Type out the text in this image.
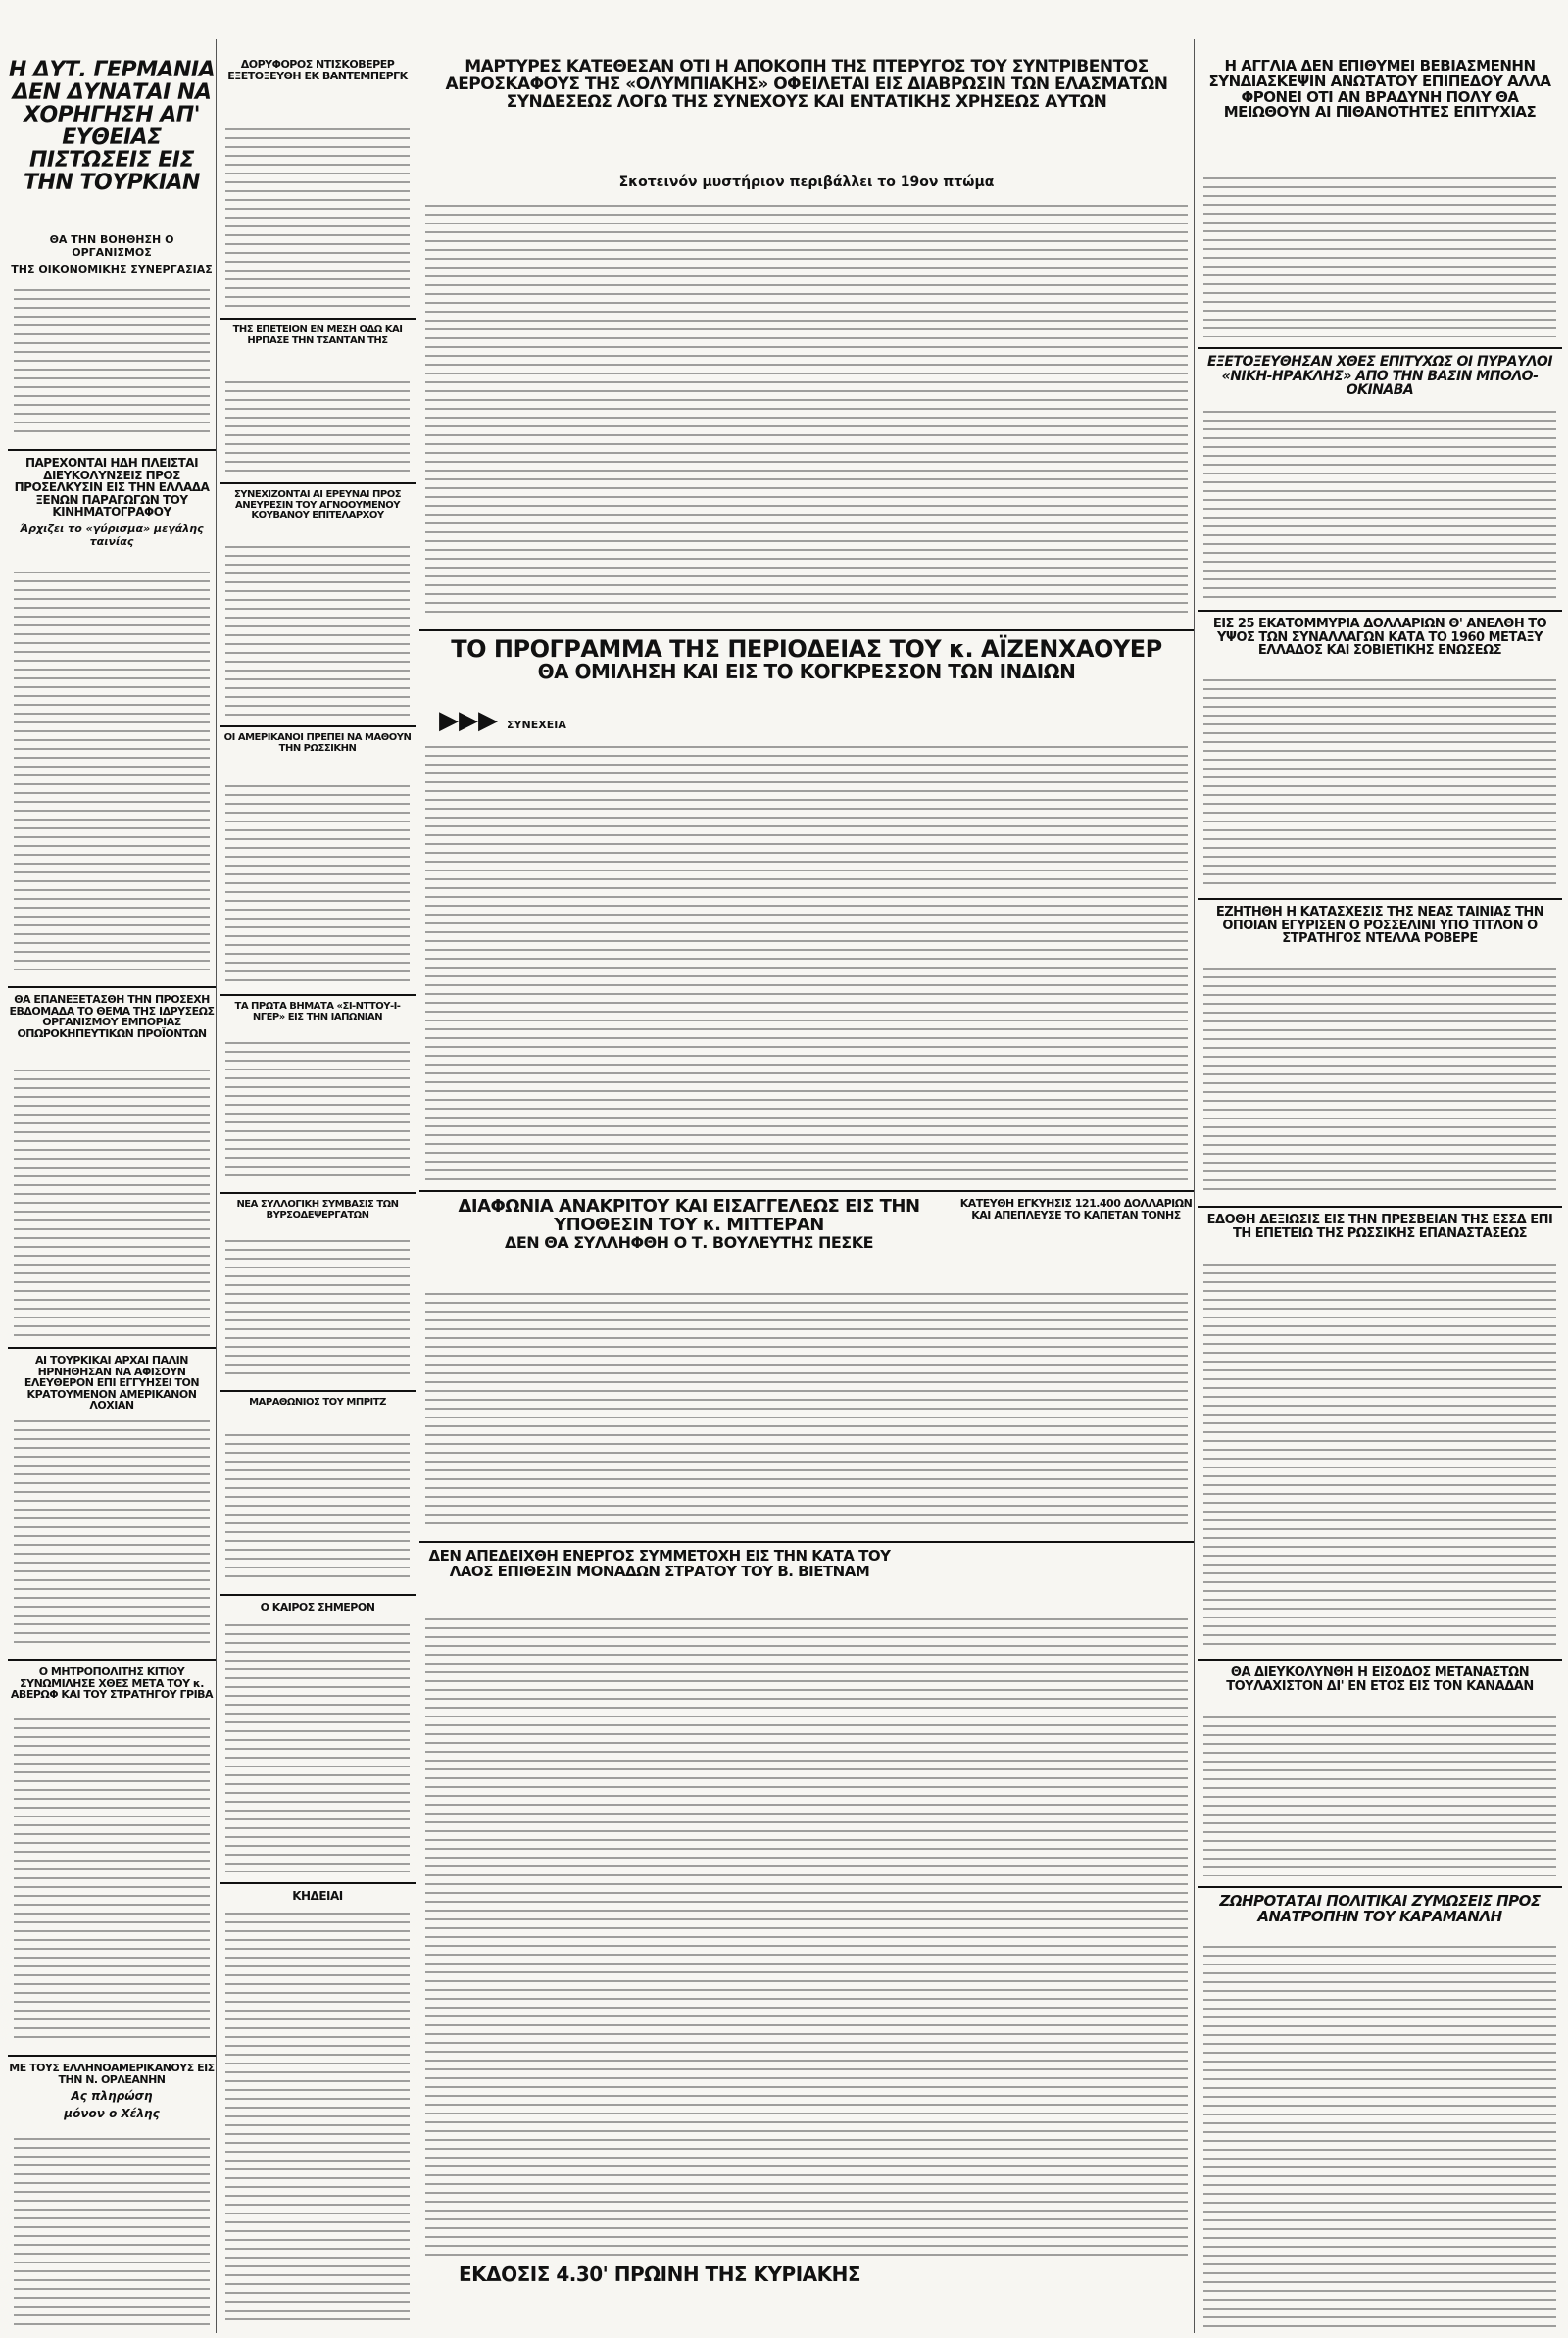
Η ΔΥΤ. ΓΕΡΜΑΝΙΑ ΔΕΝ ΔΥΝΑΤΑΙ ΝΑ ΧΟΡΗΓΗΣΗ ΑΠ' ΕΥΘΕΙΑΣ ΠΙΣΤΩΣΕΙΣ ΕΙΣ ΤΗΝ ΤΟΥΡΚΙΑΝ
ΘΑ ΤΗΝ ΒΟΗΘΗΣΗ Ο ΟΡΓΑΝΙΣΜΟΣ
ΤΗΣ ΟΙΚΟΝΟΜΙΚΗΣ ΣΥΝΕΡΓΑΣΙΑΣ
ΠΑΡΕΧΟΝΤΑΙ ΗΔΗ ΠΛΕΙΣΤΑΙ ΔΙΕΥΚΟΛΥΝΣΕΙΣ ΠΡΟΣ ΠΡΟΣΕΛΚΥΣΙΝ ΕΙΣ ΤΗΝ ΕΛΛΑΔΑ ΞΕΝΩΝ ΠΑΡΑΓΩΓΩΝ ΤΟΥ ΚΙΝΗΜΑΤΟΓΡΑΦΟΥ
Άρχιζει το «γύρισμα» μεγάλης ταινίας
ΘΑ ΕΠΑΝΕΞΕΤΑΣΘΗ ΤΗΝ ΠΡΟΣΕΧΗ ΕΒΔΟΜΑΔΑ ΤΟ ΘΕΜΑ ΤΗΣ ΙΔΡΥΣΕΩΣ ΟΡΓΑΝΙΣΜΟΥ ΕΜΠΟΡΙΑΣ ΟΠΩΡΟΚΗΠΕΥΤΙΚΩΝ ΠΡΟΪΟΝΤΩΝ
ΑΙ ΤΟΥΡΚΙΚΑΙ ΑΡΧΑΙ ΠΑΛΙΝ ΗΡΝΗΘΗΣΑΝ ΝΑ ΑΦΙΣΟΥΝ ΕΛΕΥΘΕΡΟΝ ΕΠΙ ΕΓΓΥΗΣΕΙ ΤΟΝ ΚΡΑΤΟΥΜΕΝΟΝ ΑΜΕΡΙΚΑΝΟΝ ΛΟΧΙΑΝ
Ο ΜΗΤΡΟΠΟΛΙΤΗΣ ΚΙΤΙΟΥ ΣΥΝΩΜΙΛΗΣΕ ΧΘΕΣ ΜΕΤΑ ΤΟΥ κ. ΑΒΕΡΩΦ ΚΑΙ ΤΟΥ ΣΤΡΑΤΗΓΟΥ ΓΡΙΒΑ
ΜΕ ΤΟΥΣ ΕΛΛΗΝΟΑΜΕΡΙΚΑΝΟΥΣ ΕΙΣ ΤΗΝ Ν. ΟΡΛΕΑΝΗΝ
Ας πληρώση
μόνον ο Χέλης
ΔΟΡΥΦΟΡΟΣ ΝΤΙΣΚΟΒΕΡΕΡ ΕΞΕΤΟΞΕΥΘΗ ΕΚ ΒΑΝΤΕΜΠΕΡΓΚ
ΤΗΣ ΕΠΕΤΕΙΟΝ ΕΝ ΜΕΣΗ ΟΔΩ ΚΑΙ ΗΡΠΑΣΕ ΤΗΝ ΤΣΑΝΤΑΝ ΤΗΣ
ΣΥΝΕΧΙΖΟΝΤΑΙ ΑΙ ΕΡΕΥΝΑΙ ΠΡΟΣ ΑΝΕΥΡΕΣΙΝ ΤΟΥ ΑΓΝΟΟΥΜΕΝΟΥ ΚΟΥΒΑΝΟΥ ΕΠΙΤΕΛΑΡΧΟΥ
ΟΙ ΑΜΕΡΙΚΑΝΟΙ ΠΡΕΠΕΙ ΝΑ ΜΑΘΟΥΝ ΤΗΝ ΡΩΣΣΙΚΗΝ
ΤΑ ΠΡΩΤΑ ΒΗΜΑΤΑ «ΣΙ-ΝΤΤΟΥ-Ι-ΝΓΕΡ» ΕΙΣ ΤΗΝ ΙΑΠΩΝΙΑΝ
ΝΕΑ ΣΥΛΛΟΓΙΚΗ ΣΥΜΒΑΣΙΣ ΤΩΝ ΒΥΡΣΟΔΕΨΕΡΓΑΤΩΝ
ΜΑΡΑΘΩΝΙΟΣ ΤΟΥ ΜΠΡΙΤΖ
Ο ΚΑΙΡΟΣ ΣΗΜΕΡΟΝ
ΚΗΔΕΙΑΙ
ΜΑΡΤΥΡΕΣ ΚΑΤΕΘΕΣΑΝ ΟΤΙ Η ΑΠΟΚΟΠΗ ΤΗΣ ΠΤΕΡΥΓΟΣ ΤΟΥ ΣΥΝΤΡΙΒΕΝΤΟΣ ΑΕΡΟΣΚΑΦΟΥΣ ΤΗΣ «ΟΛΥΜΠΙΑΚΗΣ» ΟΦΕΙΛΕΤΑΙ ΕΙΣ ΔΙΑΒΡΩΣΙΝ ΤΩΝ ΕΛΑΣΜΑΤΩΝ ΣΥΝΔΕΣΕΩΣ ΛΟΓΩ ΤΗΣ ΣΥΝΕΧΟΥΣ ΚΑΙ ΕΝΤΑΤΙΚΗΣ ΧΡΗΣΕΩΣ ΑΥΤΩΝ
Σκοτεινόν μυστήριον περιβάλλει το 19ον πτώμα
ΤΟ ΠΡΟΓΡΑΜΜΑ ΤΗΣ ΠΕΡΙΟΔΕΙΑΣ ΤΟΥ κ. ΑΪΖΕΝΧΑΟΥΕΡ
ΘΑ ΟΜΙΛΗΣΗ ΚΑΙ ΕΙΣ ΤΟ ΚΟΓΚΡΕΣΣΟΝ ΤΩΝ ΙΝΔΙΩΝ
▶▶▶ ΣΥΝΕΧΕΙΑ
ΔΙΑΦΩΝΙΑ ΑΝΑΚΡΙΤΟΥ ΚΑΙ ΕΙΣΑΓΓΕΛΕΩΣ ΕΙΣ ΤΗΝ ΥΠΟΘΕΣΙΝ ΤΟΥ κ. ΜΙΤΤΕΡΑΝ
ΔΕΝ ΘΑ ΣΥΛΛΗΦΘΗ Ο Τ. ΒΟΥΛΕΥΤΗΣ ΠΕΣΚΕ
ΚΑΤΕΥΘΗ ΕΓΚΥΗΣΙΣ 121.400 ΔΟΛΛΑΡΙΩΝ ΚΑΙ ΑΠΕΠΛΕΥΣΕ ΤΟ ΚΑΠΕΤΑΝ ΤΟΝΗΣ
ΔΕΝ ΑΠΕΔΕΙΧΘΗ ΕΝΕΡΓΟΣ ΣΥΜΜΕΤΟΧΗ ΕΙΣ ΤΗΝ ΚΑΤΑ ΤΟΥ ΛΑΟΣ ΕΠΙΘΕΣΙΝ ΜΟΝΑΔΩΝ ΣΤΡΑΤΟΥ ΤΟΥ Β. ΒΙΕΤΝΑΜ
ΕΚΔΟΣΙΣ 4.30' ΠΡΩΙΝΗ ΤΗΣ ΚΥΡΙΑΚΗΣ
Η ΑΓΓΛΙΑ ΔΕΝ ΕΠΙΘΥΜΕΙ ΒΕΒΙΑΣΜΕΝΗΝ ΣΥΝΔΙΑΣΚΕΨΙΝ ΑΝΩΤΑΤΟΥ ΕΠΙΠΕΔΟΥ ΑΛΛΑ ΦΡΟΝΕΙ ΟΤΙ ΑΝ ΒΡΑΔΥΝΗ ΠΟΛΥ ΘΑ ΜΕΙΩΘΟΥΝ ΑΙ ΠΙΘΑΝΟΤΗΤΕΣ ΕΠΙΤΥΧΙΑΣ
ΕΞΕΤΟΞΕΥΘΗΣΑΝ ΧΘΕΣ ΕΠΙΤΥΧΩΣ ΟΙ ΠΥΡΑΥΛΟΙ «ΝΙΚΗ-ΗΡΑΚΛΗΣ» ΑΠΟ ΤΗΝ ΒΑΣΙΝ ΜΠΟΛΟ-ΟΚΙΝΑΒΑ
ΕΙΣ 25 ΕΚΑΤΟΜΜΥΡΙΑ ΔΟΛΛΑΡΙΩΝ Θ' ΑΝΕΛΘΗ ΤΟ ΥΨΟΣ ΤΩΝ ΣΥΝΑΛΛΑΓΩΝ ΚΑΤΑ ΤΟ 1960 ΜΕΤΑΞΥ ΕΛΛΑΔΟΣ ΚΑΙ ΣΟΒΙΕΤΙΚΗΣ ΕΝΩΣΕΩΣ
ΕΖΗΤΗΘΗ Η ΚΑΤΑΣΧΕΣΙΣ ΤΗΣ ΝΕΑΣ ΤΑΙΝΙΑΣ ΤΗΝ ΟΠΟΙΑΝ ΕΓΥΡΙΣΕΝ Ο ΡΟΣΣΕΛΙΝΙ ΥΠΟ ΤΙΤΛΟΝ Ο ΣΤΡΑΤΗΓΟΣ ΝΤΕΛΛΑ ΡΟΒΕΡΕ
ΕΔΟΘΗ ΔΕΞΙΩΣΙΣ ΕΙΣ ΤΗΝ ΠΡΕΣΒΕΙΑΝ ΤΗΣ ΕΣΣΔ ΕΠΙ ΤΗ ΕΠΕΤΕΙΩ ΤΗΣ ΡΩΣΣΙΚΗΣ ΕΠΑΝΑΣΤΑΣΕΩΣ
ΘΑ ΔΙΕΥΚΟΛΥΝΘΗ Η ΕΙΣΟΔΟΣ ΜΕΤΑΝΑΣΤΩΝ ΤΟΥΛΑΧΙΣΤΟΝ ΔΙ' ΕΝ ΕΤΟΣ ΕΙΣ ΤΟΝ ΚΑΝΑΔΑΝ
ΖΩΗΡΟΤΑΤΑΙ ΠΟΛΙΤΙΚΑΙ ΖΥΜΩΣΕΙΣ ΠΡΟΣ ΑΝΑΤΡΟΠΗΝ ΤΟΥ ΚΑΡΑΜΑΝΛΗ
